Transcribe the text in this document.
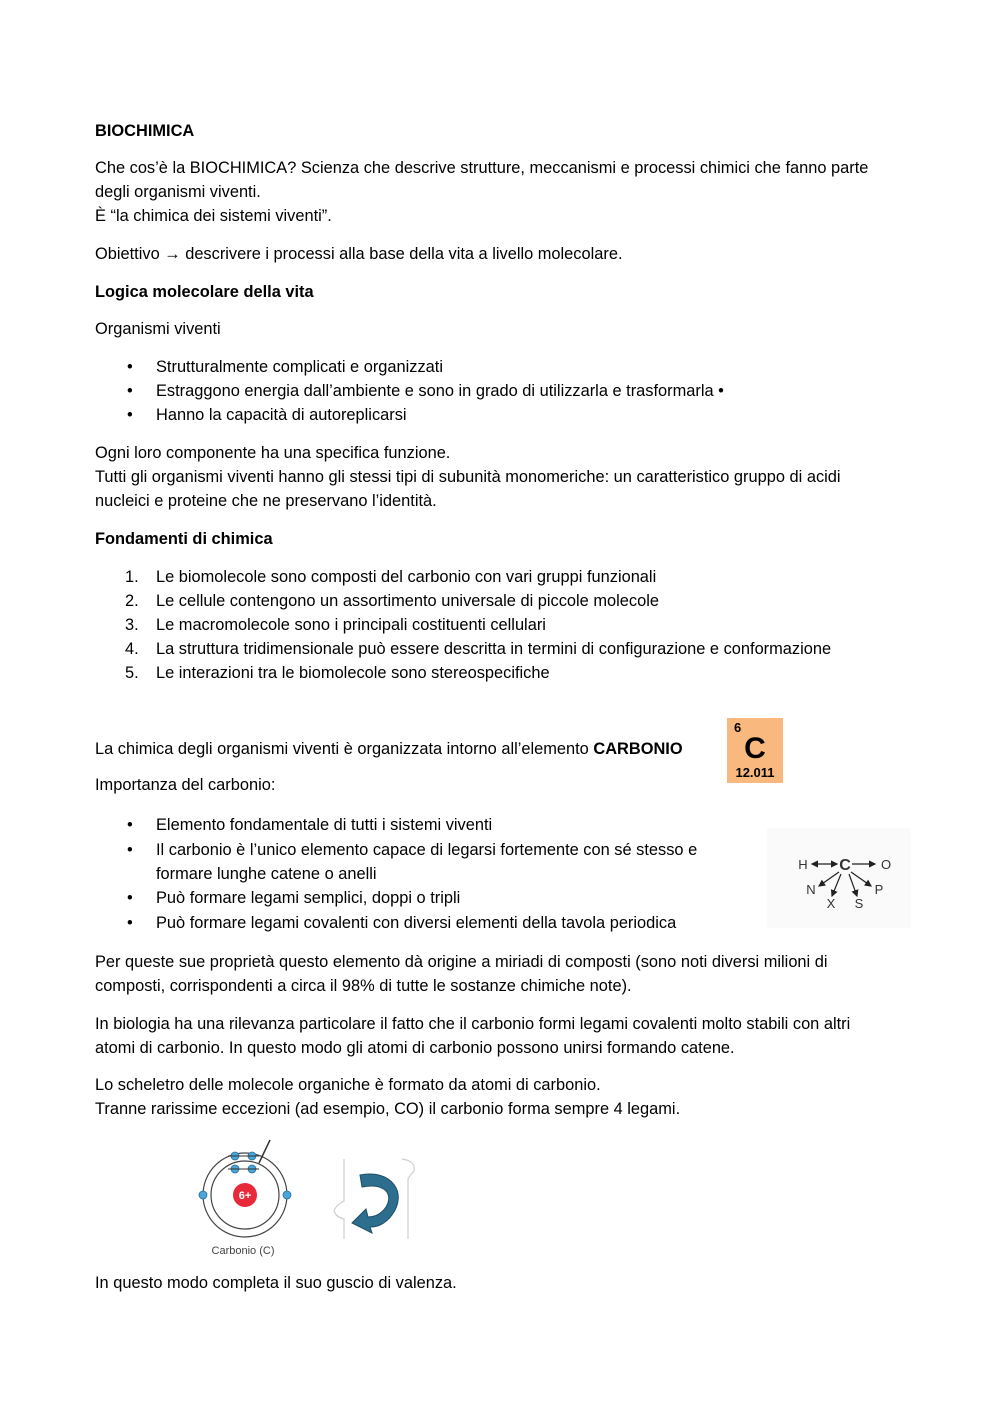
BIOCHIMICA
Che cos’è la BIOCHIMICA? Scienza che descrive strutture, meccanismi e processi chimici che fanno parte
degli organismi viventi.
È “la chimica dei sistemi viventi”.
Obiettivo → descrivere i processi alla base della vita a livello molecolare.
Logica molecolare della vita
Organismi viventi
• Strutturalmente complicati e organizzati
• Estraggono energia dall’ambiente e sono in grado di utilizzarla e trasformarla •
• Hanno la capacità di autoreplicarsi
Ogni loro componente ha una specifica funzione.
Tutti gli organismi viventi hanno gli stessi tipi di subunità monomeriche: un caratteristico gruppo di acidi
nucleici e proteine che ne preservano l’identità.
Fondamenti di chimica
1. Le biomolecole sono composti del carbonio con vari gruppi funzionali
2. Le cellule contengono un assortimento universale di piccole molecole
3. Le macromolecole sono i principali costituenti cellulari
4. La struttura tridimensionale può essere descritta in termini di configurazione e conformazione
5. Le interazioni tra le biomolecole sono stereospecifiche
La chimica degli organismi viventi è organizzata intorno all’elemento CARBONIO
6
C
12.011
Importanza del carbonio:
• Elemento fondamentale di tutti i sistemi viventi
• Il carbonio è l’unico elemento capace di legarsi fortemente con sé stesso e
formare lunghe catene o anelli
• Può formare legami semplici, doppi o tripli
• Può formare legami covalenti con diversi elementi della tavola periodica
C
H	O
N	P
X S
Per queste sue proprietà questo elemento dà origine a miriadi di composti (sono noti diversi milioni di
composti, corrispondenti a circa il 98% di tutte le sostanze chimiche note).
In biologia ha una rilevanza particolare il fatto che il carbonio formi legami covalenti molto stabili con altri
atomi di carbonio. In questo modo gli atomi di carbonio possono unirsi formando catene.
Lo scheletro delle molecole organiche è formato da atomi di carbonio.
Tranne rarissime eccezioni (ad esempio, CO) il carbonio forma sempre 4 legami.
6+
Carbonio (C)
In questo modo completa il suo guscio di valenza.
